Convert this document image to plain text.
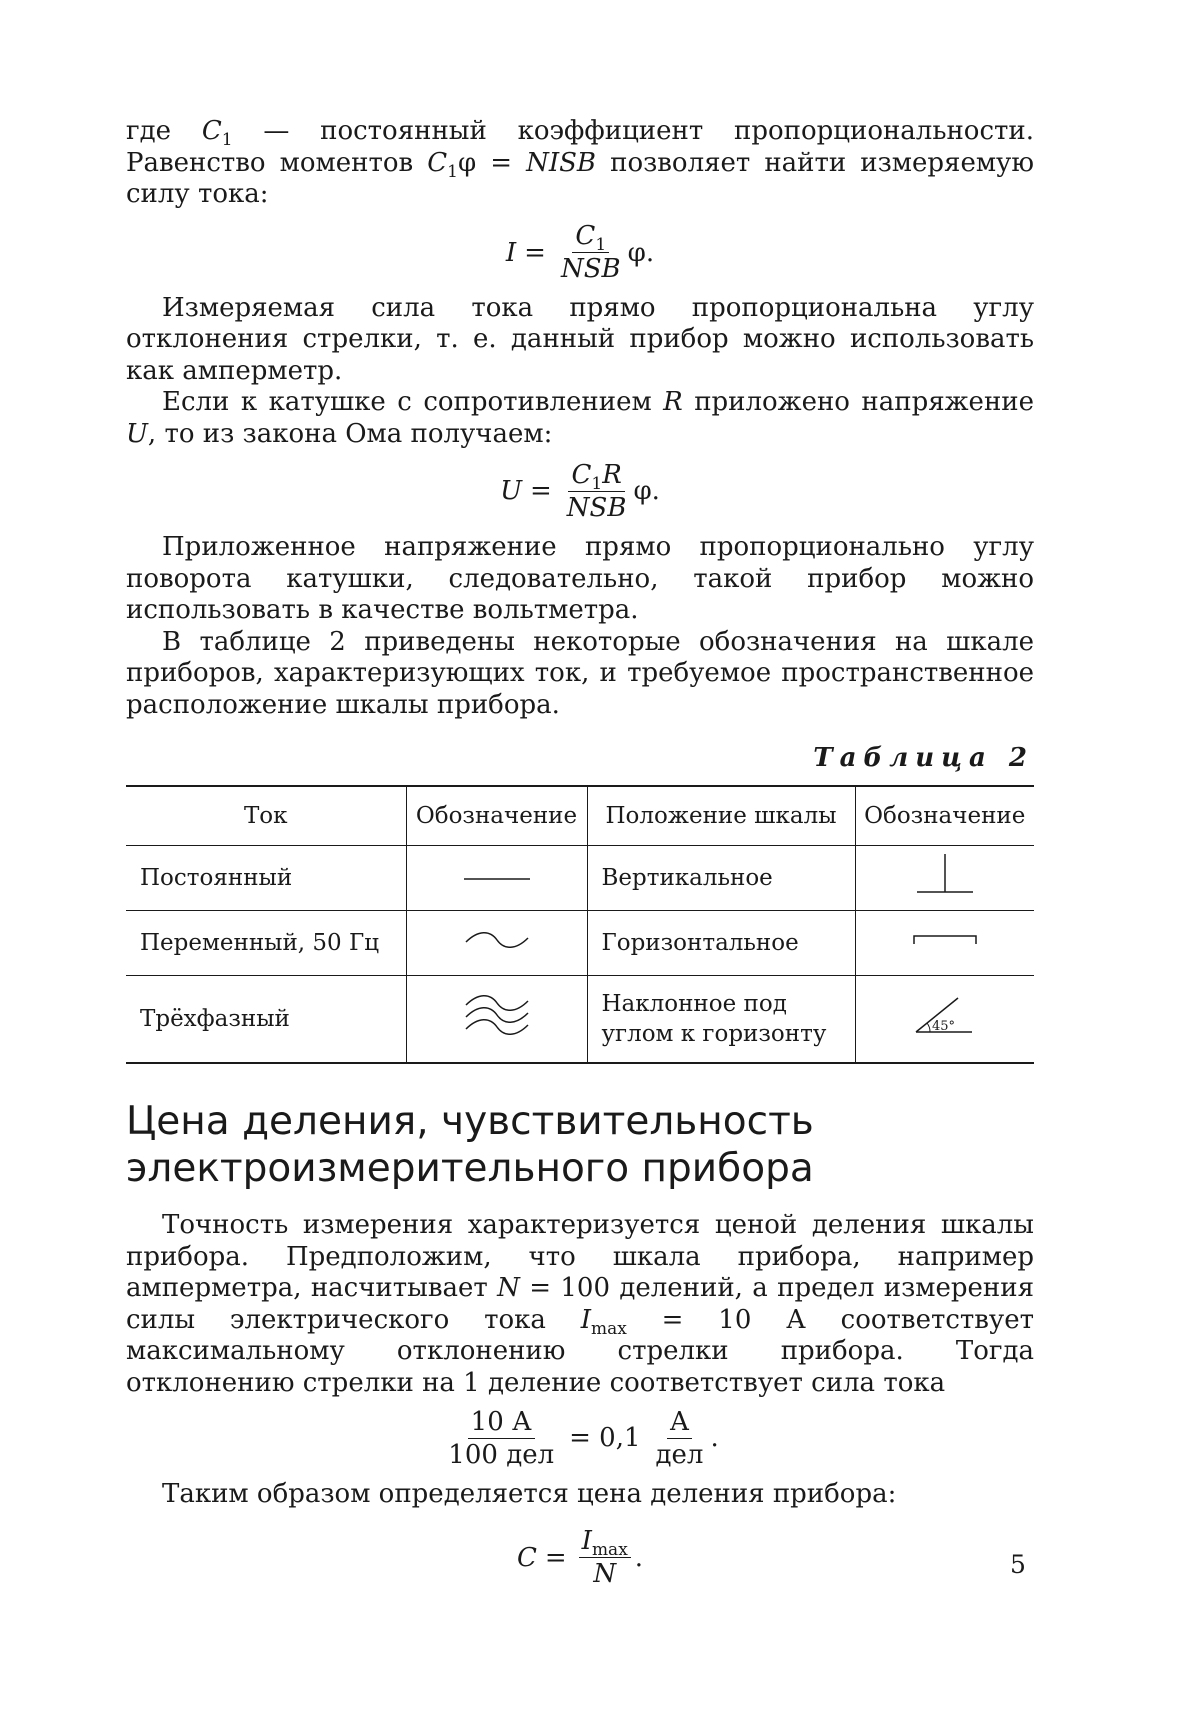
где $C_1$ — постоянный коэффициент пропорциональности. Равенство моментов $C_1\varphi$ = NISB позволяет найти измеряемую силу тока:

$I = \frac{C_1}{\text{NSB}} \varphi$.

Измеряемая сила тока прямо пропорциональна углу отклонения стрелки, т. е. данный прибор можно использовать как амперметр.

Если к катушке с сопротивлением R приложено напряжение U, то из закона Ома получаем:

$U = \frac{C_1R}{\text{NSB}} \varphi$.

Приложенное напряжение прямо пропорционально углу поворота катушки, следовательно, такой прибор можно использовать в качестве вольтметра.

В таблице 2 приведены некоторые обозначения на шкале приборов, характеризующих ток, и требуемое пространственное расположение шкалы прибора.

Таблица 2
Ток	Обозначение	Положение шкалы	Обозначение
Постоянный		Вертикальное	
Переменный, 50 Гц		Горизонтальное	
Трёхфазный		Наклонное под углом к горизонту	45°
Цена деления, чувствительность электроизмерительного прибора

Точность измерения характеризуется ценой деления шкалы прибора. Предположим, что шкала прибора, например амперметра, насчитывает N = 100 делений, а предел измерения силы электрического тока $I_{max} = 10$ А соответствует максимальному отклонению стрелки прибора. Тогда отклонению стрелки на 1 деление соответствует сила тока

$\frac{10 А}{\text{100 дел}} = 0,1 \frac{А}{\text{дел}}$ .

Таким образом определяется цена деления прибора:

$C = \frac{I_{max}}{N}$ .	5
